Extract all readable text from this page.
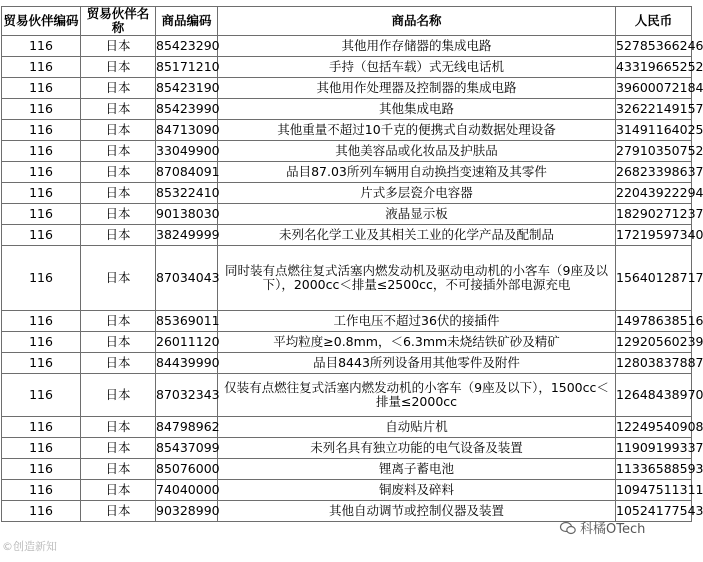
贸易伙伴编码	贸易伙伴名称	商品编码	商品名称	人民币
116	日本	85423290	其他用作存储器的集成电路	52785366246
116	日本	85171210	手持（包括车载）式无线电话机	43319665252
116	日本	85423190	其他用作处理器及控制器的集成电路	39600072184
116	日本	85423990	其他集成电路	32622149157
116	日本	84713090	其他重量不超过10千克的便携式自动数据处理设备	31491164025
116	日本	33049900	其他美容品或化妆品及护肤品	27910350752
116	日本	87084091	品目87.03所列车辆用自动换挡变速箱及其零件	26823398637
116	日本	85322410	片式多层瓷介电容器	22043922294
116	日本	90138030	液晶显示板	18290271237
116	日本	38249999	未列名化学工业及其相关工业的化学产品及配制品	17219597340
116	日本	87034043	同时装有点燃往复式活塞内燃发动机及驱动电动机的小客车（9座及以下），2000cc＜排量≤2500cc，不可接插外部电源充电	15640128717
116	日本	85369011	工作电压不超过36伏的接插件	14978638516
116	日本	26011120	平均粒度≥0.8mm，＜6.3mm未烧结铁矿砂及精矿	12920560239
116	日本	84439990	品目8443所列设备用其他零件及附件	12803837887
116	日本	87032343	仅装有点燃往复式活塞内燃发动机的小客车（9座及以下），1500cc＜排量≤2000cc	12648438970
116	日本	84798962	自动贴片机	12249540908
116	日本	85437099	未列名具有独立功能的电气设备及装置	11909199337
116	日本	85076000	锂离子蓄电池	11336588593
116	日本	74040000	铜废料及碎料	10947511311
116	日本	90328990	其他自动调节或控制仪器及装置	10524177543
©创造新知
科橘OTech
